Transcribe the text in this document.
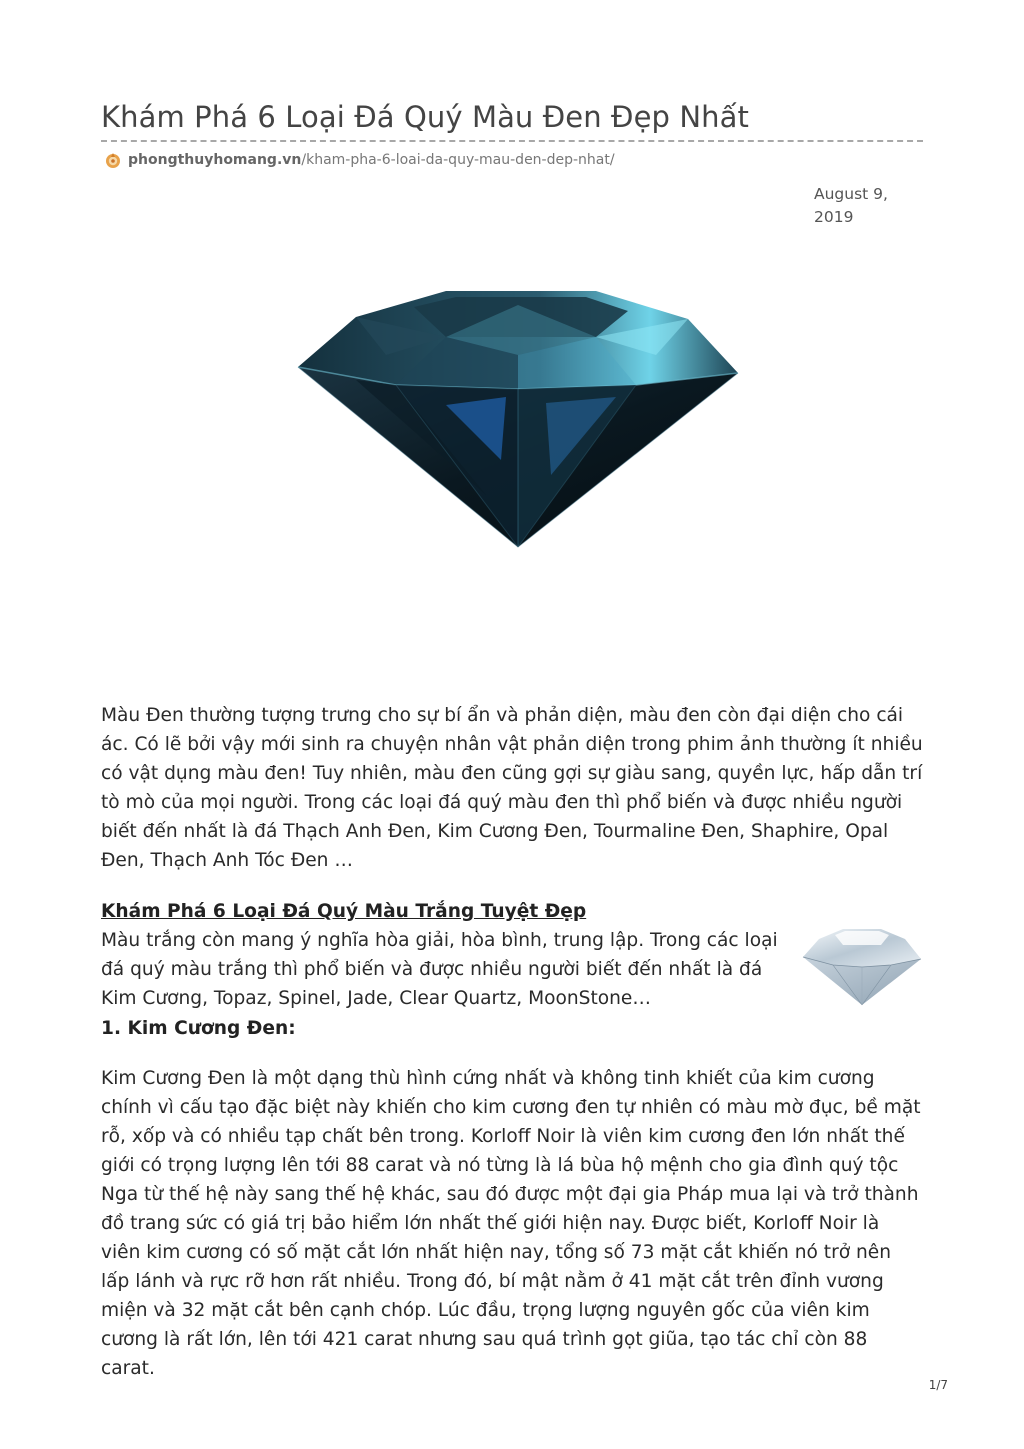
Khám Phá 6 Loại Đá Quý Màu Đen Đẹp Nhất
phongthuyhomang.vn /kham-pha-6-loai-da-quy-mau-den-dep-nhat/
August 9, 2019

Màu Đen thường tượng trưng cho sự bí ẩn và phản diện, màu đen còn đại diện cho cái ác. Có lẽ bởi vậy mới sinh ra chuyện nhân vật phản diện trong phim ảnh thường ít nhiều có vật dụng màu đen! Tuy nhiên, màu đen cũng gợi sự giàu sang, quyền lực, hấp dẫn trí tò mò của mọi người. Trong các loại đá quý màu đen thì phổ biến và được nhiều người biết đến nhất là đá Thạch Anh Đen, Kim Cương Đen, Tourmaline Đen, Shaphire, Opal Đen, Thạch Anh Tóc Đen …

Khám Phá 6 Loại Đá Quý Màu Trắng Tuyệt Đẹp

Màu trắng còn mang ý nghĩa hòa giải, hòa bình, trung lập. Trong các loại đá quý màu trắng thì phổ biến và được nhiều người biết đến nhất là đá Kim Cương, Topaz, Spinel, Jade, Clear Quartz, MoonStone…

1. Kim Cương Đen:

Kim Cương Đen là một dạng thù hình cứng nhất và không tinh khiết của kim cương chính vì cấu tạo đặc biệt này khiến cho kim cương đen tự nhiên có màu mờ đục, bề mặt rỗ, xốp và có nhiều tạp chất bên trong. Korloff Noir là viên kim cương đen lớn nhất thế giới có trọng lượng lên tới 88 carat và nó từng là lá bùa hộ mệnh cho gia đình quý tộc Nga từ thế hệ này sang thế hệ khác, sau đó được một đại gia Pháp mua lại và trở thành đồ trang sức có giá trị bảo hiểm lớn nhất thế giới hiện nay. Được biết, Korloff Noir là viên kim cương có số mặt cắt lớn nhất hiện nay, tổng số 73 mặt cắt khiến nó trở nên lấp lánh và rực rỡ hơn rất nhiều. Trong đó, bí mật nằm ở 41 mặt cắt trên đỉnh vương miện và 32 mặt cắt bên cạnh chóp. Lúc đầu, trọng lượng nguyên gốc của viên kim cương là rất lớn, lên tới 421 carat nhưng sau quá trình gọt giũa, tạo tác chỉ còn 88 carat.

1/7
